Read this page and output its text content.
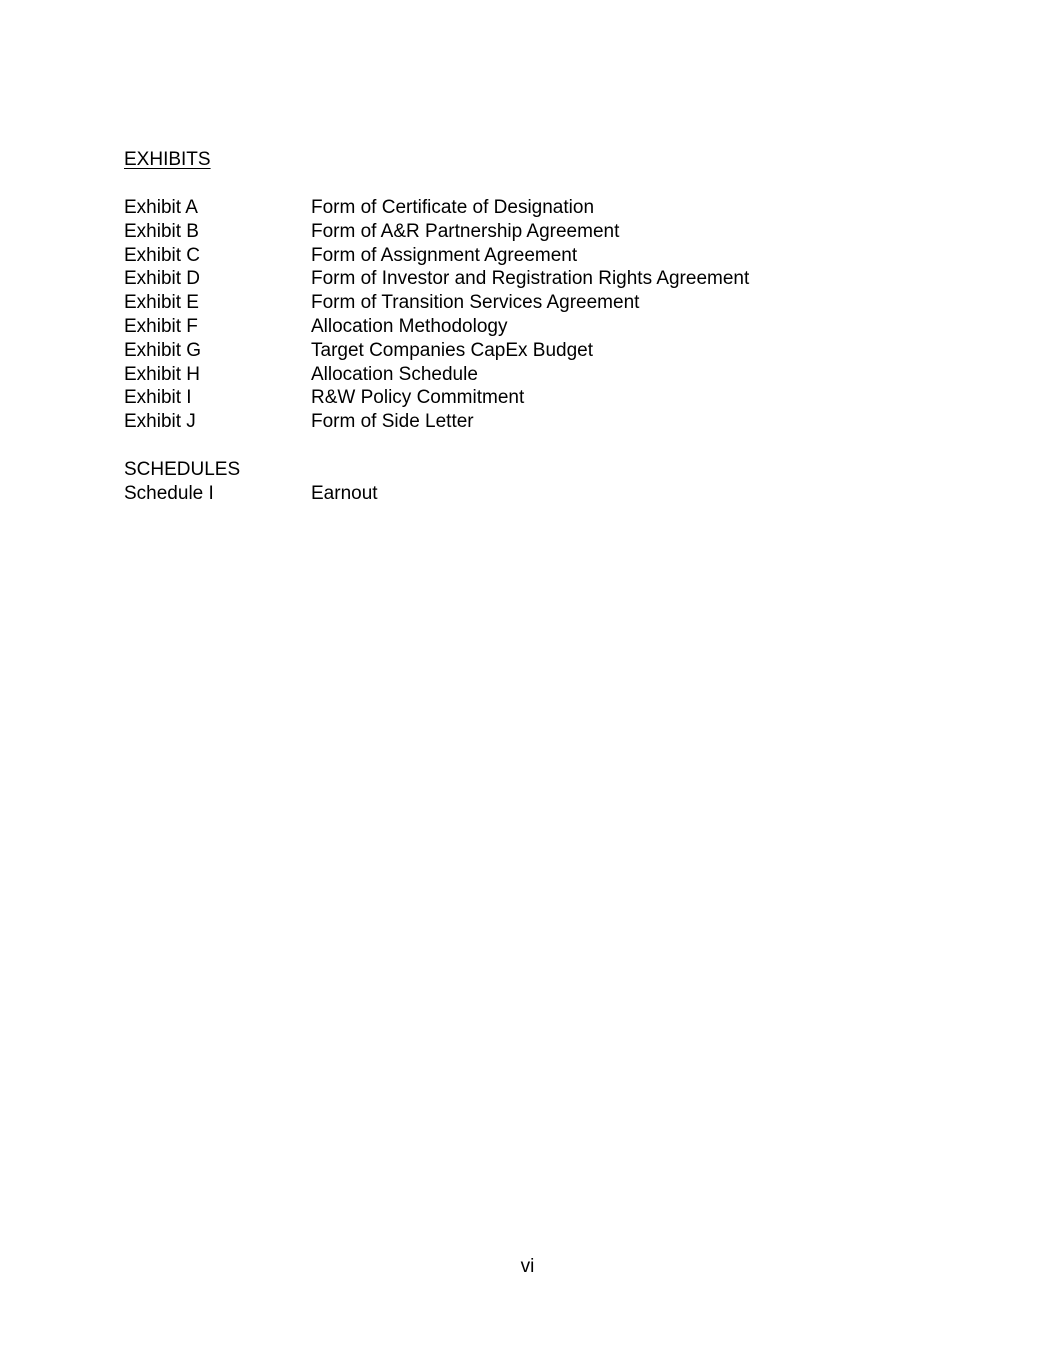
EXHIBITS
Exhibit A	Form of Certificate of Designation
Exhibit B	Form of A&R Partnership Agreement
Exhibit C	Form of Assignment Agreement
Exhibit D	Form of Investor and Registration Rights Agreement
Exhibit E	Form of Transition Services Agreement
Exhibit F	Allocation Methodology
Exhibit G	Target Companies CapEx Budget
Exhibit H	Allocation Schedule
Exhibit I	R&W Policy Commitment
Exhibit J	Form of Side Letter
SCHEDULES
Schedule I	Earnout
vi
